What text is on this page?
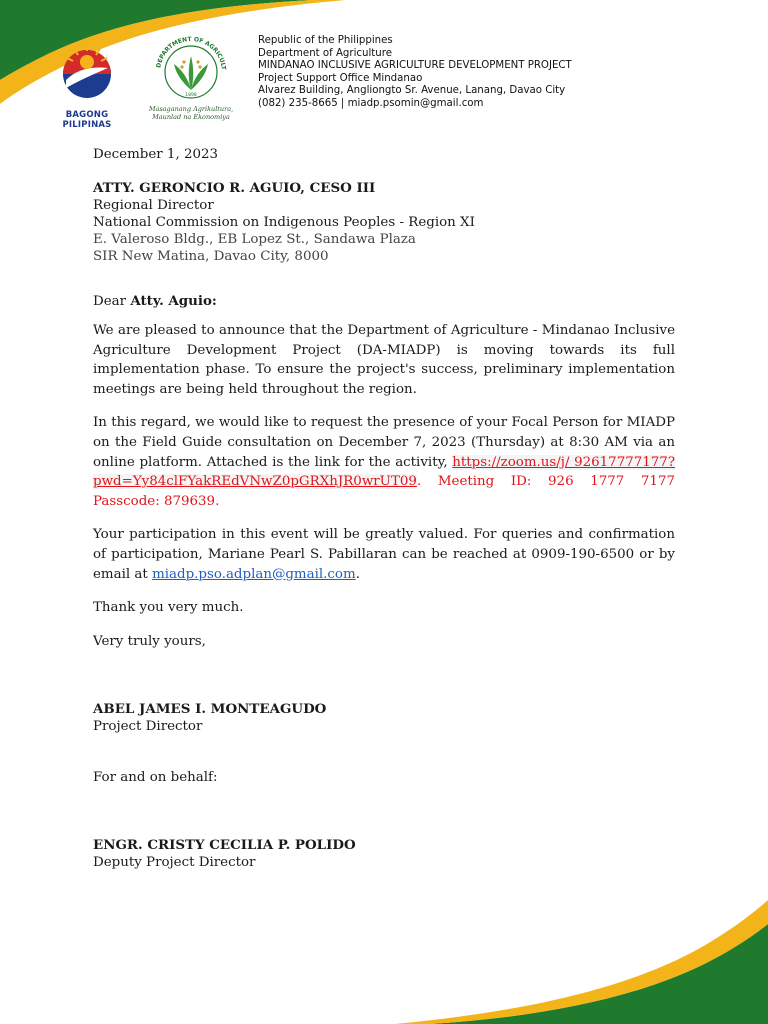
BAGONG PILIPINAS
DEPARTMENT OF AGRICULT
1898
Masaganang Agrikultura,
Maunlad na Ekonomiya
Republic of the Philippines
Department of Agriculture
MINDANAO INCLUSIVE AGRICULTURE DEVELOPMENT PROJECT
Project Support Office Mindanao
Alvarez Building, Angliongto Sr. Avenue, Lanang, Davao City
(082) 235-8665 | miadp.psomin@gmail.com

December 1, 2023

ATTY. GERONCIO R. AGUIO, CESO III

Regional Director

National Commission on Indigenous Peoples - Region XI

E. Valeroso Bldg., EB Lopez St., Sandawa Plaza

SIR New Matina, Davao City, 8000

Dear Atty. Aguio:

We are pleased to announce that the Department of Agriculture - Mindanao Inclusive Agriculture Development Project (DA-MIADP) is moving towards its full implementation phase. To ensure the project's success, preliminary implementation meetings are being held throughout the region.

In this regard, we would like to request the presence of your Focal Person for MIADP on the Field Guide consultation on December 7, 2023 (Thursday) at 8:30 AM via an online platform. Attached is the link for the activity, https://zoom.us/j/ 92617777177?pwd=Yy84clFYakREdVNwZ0pGRXhJR0wrUT09. Meeting ID: 926 1777 7177 Passcode: 879639.

Your participation in this event will be greatly valued. For queries and confirmation of participation, Mariane Pearl S. Pabillaran can be reached at 0909-190-6500 or by email at miadp.pso.adplan@gmail.com.

Thank you very much.

Very truly yours,

ABEL JAMES I. MONTEAGUDO

Project Director

For and on behalf:

ENGR. CRISTY CECILIA P. POLIDO

Deputy Project Director
